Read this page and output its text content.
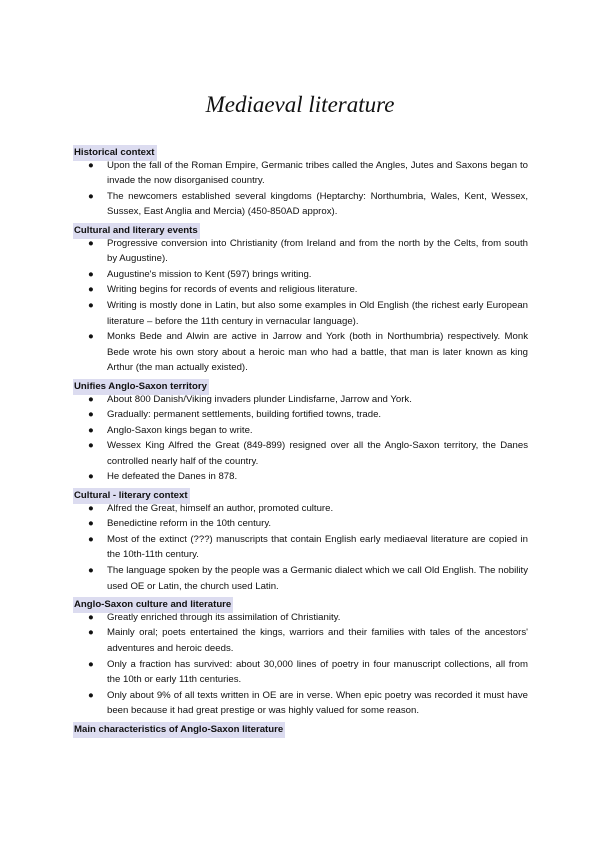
Mediaeval literature
Historical context
● Upon the fall of the Roman Empire, Germanic tribes called the Angles, Jutes and Saxons began to invade the now disorganised country.
● The newcomers established several kingdoms (Heptarchy: Northumbria, Wales, Kent, Wessex, Sussex, East Anglia and Mercia) (450-850AD approx).
Cultural and literary events
● Progressive conversion into Christianity (from Ireland and from the north by the Celts, from south by Augustine).
● Augustine's mission to Kent (597) brings writing.
● Writing begins for records of events and religious literature.
● Writing is mostly done in Latin, but also some examples in Old English (the richest early European literature – before the 11th century in vernacular language).
● Monks Bede and Alwin are active in Jarrow and York (both in Northumbria) respectively. Monk Bede wrote his own story about a heroic man who had a battle, that man is later known as king Arthur (the man actually existed).
Unifies Anglo-Saxon territory
● About 800 Danish/Viking invaders plunder Lindisfarne, Jarrow and York.
● Gradually: permanent settlements, building fortified towns, trade.
● Anglo-Saxon kings began to write.
● Wessex King Alfred the Great (849-899) resigned over all the Anglo-Saxon territory, the Danes controlled nearly half of the country.
● He defeated the Danes in 878.
Cultural - literary context
● Alfred the Great, himself an author, promoted culture.
● Benedictine reform in the 10th century.
● Most of the extinct (???) manuscripts that contain English early mediaeval literature are copied in the 10th-11th century.
● The language spoken by the people was a Germanic dialect which we call Old English. The nobility used OE or Latin, the church used Latin.
Anglo-Saxon culture and literature
● Greatly enriched through its assimilation of Christianity.
● Mainly oral; poets entertained the kings, warriors and their families with tales of the ancestors' adventures and heroic deeds.
● Only a fraction has survived: about 30,000 lines of poetry in four manuscript collections, all from the 10th or early 11th centuries.
● Only about 9% of all texts written in OE are in verse. When epic poetry was recorded it must have been because it had great prestige or was highly valued for some reason.
Main characteristics of Anglo-Saxon literature
